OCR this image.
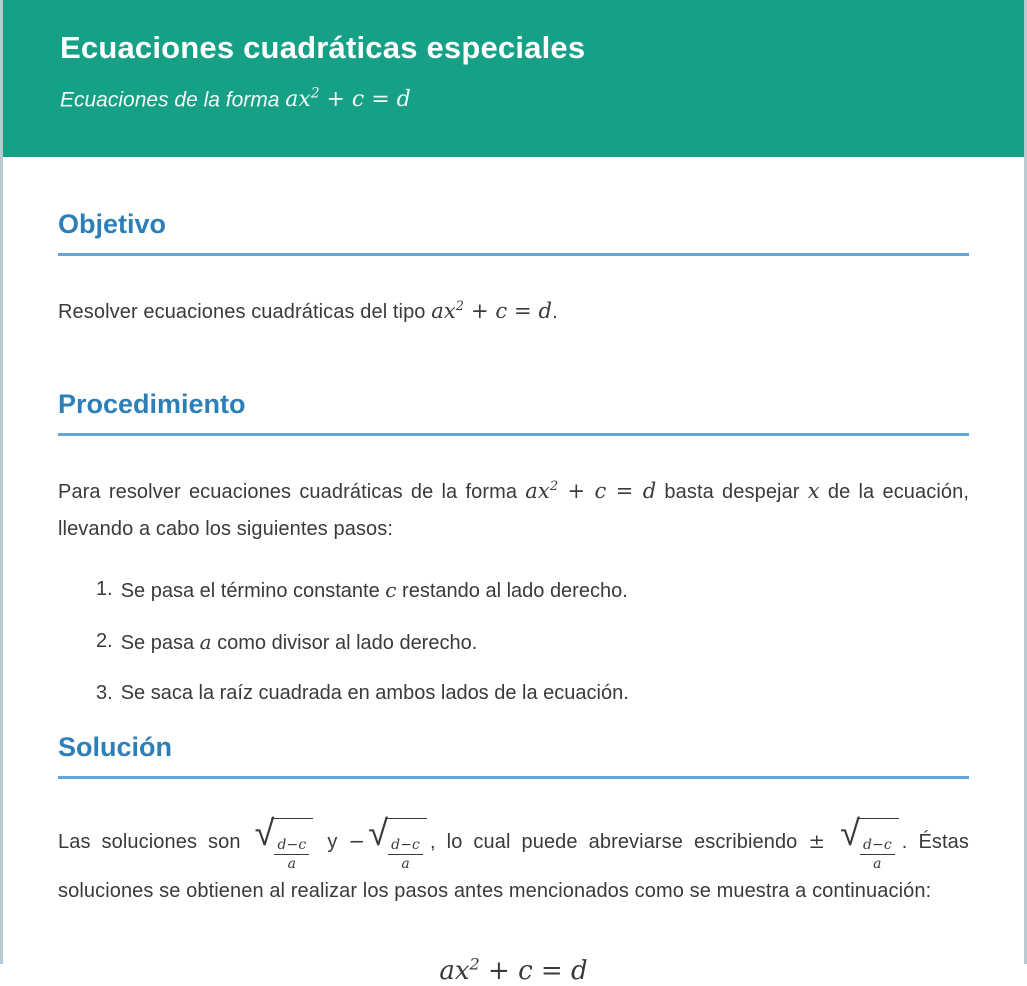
Ecuaciones cuadráticas especiales
Ecuaciones de la forma $ax^2 + c = d$
Objetivo

Resolver ecuaciones cuadráticas del tipo $ax^2 + c = d$.

Procedimiento

Para resolver ecuaciones cuadráticas de la forma $ax^2 + c = d$ basta despejar x de la ecuación, llevando a cabo los siguientes pasos:

1. Se pasa el término constante c restando al lado derecho.
2. Se pasa a como divisor al lado derecho.
3. Se saca la raíz cuadrada en ambos lados de la ecuación.
Solución

Las soluciones son √
$\frac{d-c}{a}$ y − √
$\frac{d-c}{a}$ , lo cual puede abreviarse escribiendo ± √
$\frac{d-c}{a}$ . Éstas soluciones se obtienen al realizar los pasos antes mencionados como se muestra a continuación:

$ax^2 + c = d$
